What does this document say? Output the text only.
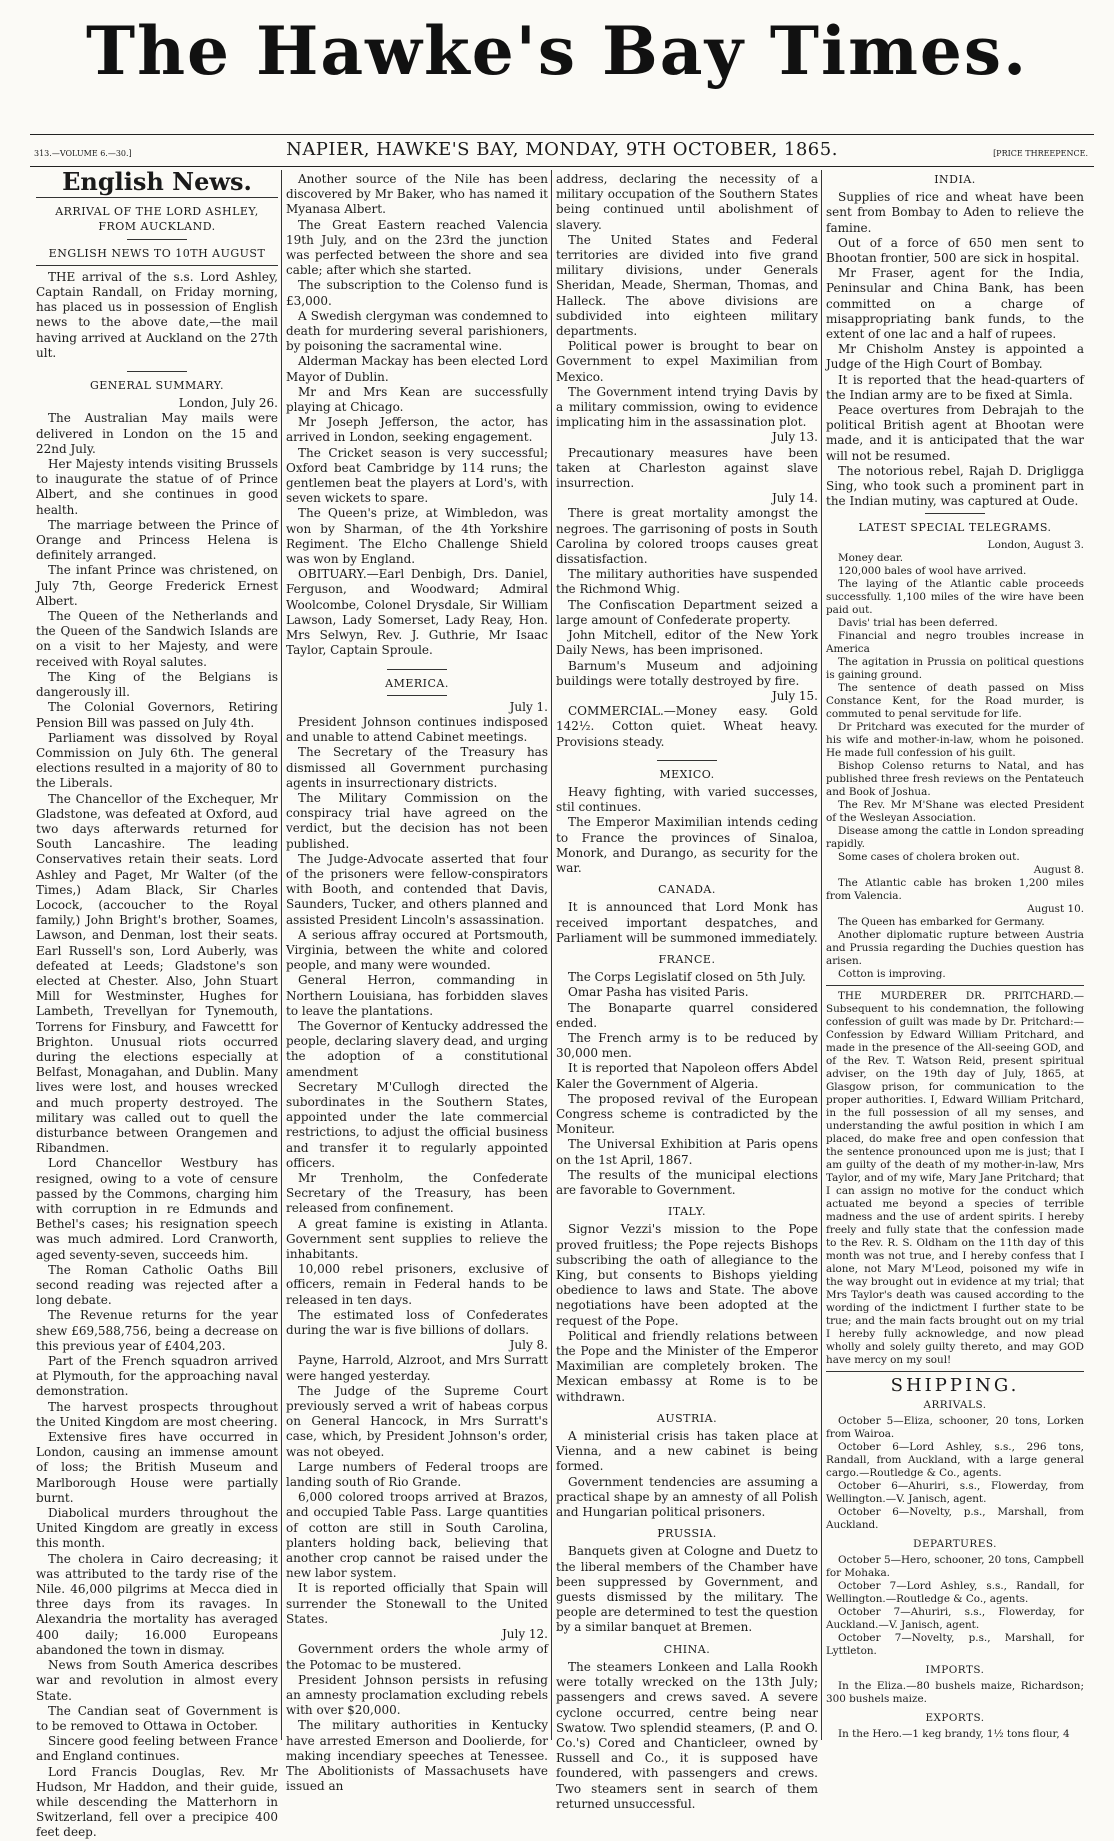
The Hawke's Bay Times.
313.—VOLUME 6.—30.]	NAPIER, HAWKE'S BAY, MONDAY, 9TH OCTOBER, 1865.	[PRICE THREEPENCE.
English News.

ARRIVAL OF THE LORD ASHLEY, FROM AUCKLAND.

ENGLISH NEWS TO 10TH AUGUST

THE arrival of the s.s. Lord Ashley, Captain Randall, on Friday morning, has placed us in possession of English news to the above date,—the mail having arrived at Auckland on the 27th ult.

GENERAL SUMMARY.

London, July 26.

The Australian May mails were delivered in London on the 15 and 22nd July.

Her Majesty intends visiting Brussels to inaugurate the statue of of Prince Albert, and she continues in good health.

The marriage between the Prince of Orange and Princess Helena is definitely arranged.

The infant Prince was christened, on July 7th, George Frederick Ernest Albert.

The Queen of the Netherlands and the Queen of the Sandwich Islands are on a visit to her Majesty, and were received with Royal salutes.

The King of the Belgians is dangerously ill.

The Colonial Governors, Retiring Pension Bill was passed on July 4th.

Parliament was dissolved by Royal Commission on July 6th. The general elections resulted in a majority of 80 to the Liberals.

The Chancellor of the Exchequer, Mr Gladstone, was defeated at Oxford, aud two days afterwards returned for South Lancashire. The leading Conservatives retain their seats. Lord Ashley and Paget, Mr Walter (of the Times,) Adam Black, Sir Charles Locock, (accoucher to the Royal family,) John Bright's brother, Soames, Lawson, and Denman, lost their seats. Earl Russell's son, Lord Auberly, was defeated at Leeds; Gladstone's son elected at Chester. Also, John Stuart Mill for Westminster, Hughes for Lambeth, Trevellyan for Tynemouth, Torrens for Finsbury, and Fawcettt for Brighton. Unusual riots occurred during the elections especially at Belfast, Monagahan, and Dublin. Many lives were lost, and houses wrecked and much property destroyed. The military was called out to quell the disturbance between Orangemen and Ribandmen.

Lord Chancellor Westbury has resigned, owing to a vote of censure passed by the Commons, charging him with corruption in re Edmunds and Bethel's cases; his resignation speech was much admired. Lord Cranworth, aged seventy-seven, succeeds him.

The Roman Catholic Oaths Bill second reading was rejected after a long debate.

The Revenue returns for the year shew £69,588,756, being a decrease on this previous year of £404,203.

Part of the French squadron arrived at Plymouth, for the approaching naval demonstration.

The harvest prospects throughout the United Kingdom are most cheering.

Extensive fires have occurred in London, causing an immense amount of loss; the British Museum and Marlborough House were partially burnt.

Diabolical murders throughout the United Kingdom are greatly in excess this month.

The cholera in Cairo decreasing; it was attributed to the tardy rise of the Nile. 46,000 pilgrims at Mecca died in three days from its ravages. In Alexandria the mortality has averaged 400 daily; 16.000 Europeans abandoned the town in dismay.

News from South America describes war and revolution in almost every State.

The Candian seat of Government is to be removed to Ottawa in October.

Sincere good feeling between France and England continues.

Lord Francis Douglas, Rev. Mr Hudson, Mr Haddon, and their guide, while descending the Matterhorn in Switzerland, fell over a precipice 400 feet deep.

Another source of the Nile has been discovered by Mr Baker, who has named it Myanasa Albert.

The Great Eastern reached Valencia 19th July, and on the 23rd the junction was perfected between the shore and sea cable; after which she started.

The subscription to the Colenso fund is £3,000.

A Swedish clergyman was condemned to death for murdering several parishioners, by poisoning the sacramental wine.

Alderman Mackay has been elected Lord Mayor of Dublin.

Mr and Mrs Kean are successfully playing at Chicago.

Mr Joseph Jefferson, the actor, has arrived in London, seeking engagement.

The Cricket season is very successful; Oxford beat Cambridge by 114 runs; the gentlemen beat the players at Lord's, with seven wickets to spare.

The Queen's prize, at Wimbledon, was won by Sharman, of the 4th Yorkshire Regiment. The Elcho Challenge Shield was won by England.

OBITUARY.—Earl Denbigh, Drs. Daniel, Ferguson, and Woodward; Admiral Woolcombe, Colonel Drysdale, Sir William Lawson, Lady Somerset, Lady Reay, Hon. Mrs Selwyn, Rev. J. Guthrie, Mr Isaac Taylor, Captain Sproule.

AMERICA.

July 1.

President Johnson continues indisposed and unable to attend Cabinet meetings.

The Secretary of the Treasury has dismissed all Government purchasing agents in insurrectionary districts.

The Military Commission on the conspiracy trial have agreed on the verdict, but the decision has not been published.

The Judge-Advocate asserted that four of the prisoners were fellow-conspirators with Booth, and contended that Davis, Saunders, Tucker, and others planned and assisted President Lincoln's assassination.

A serious affray occured at Portsmouth, Virginia, between the white and colored people, and many were wounded.

General Herron, commanding in Northern Louisiana, has forbidden slaves to leave the plantations.

The Governor of Kentucky addressed the people, declaring slavery dead, and urging the adoption of a constitutional amendment

Secretary M'Cullogh directed the subordinates in the Southern States, appointed under the late commercial restrictions, to adjust the official business and transfer it to regularly appointed officers.

Mr Trenholm, the Confederate Secretary of the Treasury, has been released from confinement.

A great famine is existing in Atlanta. Government sent supplies to relieve the inhabitants.

10,000 rebel prisoners, exclusive of officers, remain in Federal hands to be released in ten days.

The estimated loss of Confederates during the war is five billions of dollars.

July 8.

Payne, Harrold, Alzroot, and Mrs Surratt were hanged yesterday.

The Judge of the Supreme Court previously served a writ of habeas corpus on General Hancock, in Mrs Surratt's case, which, by President Johnson's order, was not obeyed.

Large numbers of Federal troops are landing south of Rio Grande.

6,000 colored troops arrived at Brazos, and occupied Table Pass. Large quantities of cotton are still in South Carolina, planters holding back, believing that another crop cannot be raised under the new labor system.

It is reported officially that Spain will surrender the Stonewall to the United States.

July 12.

Government orders the whole army of the Potomac to be mustered.

President Johnson persists in refusing an amnesty proclamation excluding rebels with over $20,000.

The military authorities in Kentucky have arrested Emerson and Doolierde, for making incendiary speeches at Tenessee. The Abolitionists of Massachusets have issued an

address, declaring the necessity of a military occupation of the Southern States being continued until abolishment of slavery.

The United States and Federal territories are divided into five grand military divisions, under Generals Sheridan, Meade, Sherman, Thomas, and Halleck. The above divisions are subdivided into eighteen military departments.

Political power is brought to bear on Government to expel Maximilian from Mexico.

The Government intend trying Davis by a military commission, owing to evidence implicating him in the assassination plot.

July 13.

Precautionary measures have been taken at Charleston against slave insurrection.

July 14.

There is great mortality amongst the negroes. The garrisoning of posts in South Carolina by colored troops causes great dissatisfaction.

The military authorities have suspended the Richmond Whig.

The Confiscation Department seized a large amount of Confederate property.

John Mitchell, editor of the New York Daily News, has been imprisoned.

Barnum's Museum and adjoining buildings were totally destroyed by fire.

July 15.

COMMERCIAL.—Money easy. Gold 142½. Cotton quiet. Wheat heavy. Provisions steady.

MEXICO.

Heavy fighting, with varied successes, stil continues.

The Emperor Maximilian intends ceding to France the provinces of Sinaloa, Monork, and Durango, as security for the war.

CANADA.

It is announced that Lord Monk has received important despatches, and Parliament will be summoned immediately.

FRANCE.

The Corps Legislatif closed on 5th July.

Omar Pasha has visited Paris.

The Bonaparte quarrel considered ended.

The French army is to be reduced by 30,000 men.

It is reported that Napoleon offers Abdel Kaler the Government of Algeria.

The proposed revival of the European Congress scheme is contradicted by the Moniteur.

The Universal Exhibition at Paris opens on the 1st April, 1867.

The results of the municipal elections are favorable to Government.

ITALY.

Signor Vezzi's mission to the Pope proved fruitless; the Pope rejects Bishops subscribing the oath of allegiance to the King, but consents to Bishops yielding obedience to laws and State. The above negotiations have been adopted at the request of the Pope.

Political and friendly relations between the Pope and the Minister of the Emperor Maximilian are completely broken. The Mexican embassy at Rome is to be withdrawn.

AUSTRIA.

A ministerial crisis has taken place at Vienna, and a new cabinet is being formed.

Government tendencies are assuming a practical shape by an amnesty of all Polish and Hungarian political prisoners.

PRUSSIA.

Banquets given at Cologne and Duetz to the liberal members of the Chamber have been suppressed by Government, and guests dismissed by the military. The people are determined to test the question by a similar banquet at Bremen.

CHINA.

The steamers Lonkeen and Lalla Rookh were totally wrecked on the 13th July; passengers and crews saved. A severe cyclone occurred, centre being near Swatow. Two splendid steamers, (P. and O. Co.'s) Cored and Chanticleer, owned by Russell and Co., it is supposed have foundered, with passengers and crews. Two steamers sent in search of them returned unsuccessful.

INDIA.

Supplies of rice and wheat have been sent from Bombay to Aden to relieve the famine.

Out of a force of 650 men sent to Bhootan frontier, 500 are sick in hospital.

Mr Fraser, agent for the India, Peninsular and China Bank, has been committed on a charge of misappropriating bank funds, to the extent of one lac and a half of rupees.

Mr Chisholm Anstey is appointed a Judge of the High Court of Bombay.

It is reported that the head-quarters of the Indian army are to be fixed at Simla.

Peace overtures from Debrajah to the political British agent at Bhootan were made, and it is anticipated that the war will not be resumed.

The notorious rebel, Rajah D. Drigligga Sing, who took such a prominent part in the Indian mutiny, was captured at Oude.

LATEST SPECIAL TELEGRAMS.

London, August 3.

Money dear.

120,000 bales of wool have arrived.

The laying of the Atlantic cable proceeds successfully. 1,100 miles of the wire have been paid out.

Davis' trial has been deferred.

Financial and negro troubles increase in America

The agitation in Prussia on political questions is gaining ground.

The sentence of death passed on Miss Constance Kent, for the Road murder, is commuted to penal servitude for life.

Dr Pritchard was executed for the murder of his wife and mother-in-law, whom he poisoned. He made full confession of his guilt.

Bishop Colenso returns to Natal, and has published three fresh reviews on the Pentateuch and Book of Joshua.

The Rev. Mr M'Shane was elected President of the Wesleyan Association.

Disease among the cattle in London spreading rapidly.

Some cases of cholera broken out.

August 8.

The Atlantic cable has broken 1,200 miles from Valencia.

August 10.

The Queen has embarked for Germany.

Another diplomatic rupture between Austria and Prussia regarding the Duchies question has arisen.

Cotton is improving.

THE MURDERER DR. PRITCHARD.—Subsequent to his condemnation, the following confession of guilt was made by Dr. Pritchard:—Confession by Edward William Pritchard, and made in the presence of the All-seeing GOD, and of the Rev. T. Watson Reid, present spiritual adviser, on the 19th day of July, 1865, at Glasgow prison, for communication to the proper authorities. I, Edward William Pritchard, in the full possession of all my senses, and understanding the awful position in which I am placed, do make free and open confession that the sentence pronounced upon me is just; that I am guilty of the death of my mother-in-law, Mrs Taylor, and of my wife, Mary Jane Pritchard; that I can assign no motive for the conduct which actuated me beyond a species of terrible madness and the use of ardent spirits. I hereby freely and fully state that the confession made to the Rev. R. S. Oldham on the 11th day of this month was not true, and I hereby confess that I alone, not Mary M'Leod, poisoned my wife in the way brought out in evidence at my trial; that Mrs Taylor's death was caused according to the wording of the indictment I further state to be true; and the main facts brought out on my trial I hereby fully acknowledge, and now plead wholly and solely guilty thereto, and may GOD have mercy on my soul!

SHIPPING.

ARRIVALS.

October 5—Eliza, schooner, 20 tons, Lorken from Wairoa.

October 6—Lord Ashley, s.s., 296 tons, Randall, from Auckland, with a large general cargo.—Routledge & Co., agents.

October 6—Ahuriri, s.s., Flowerday, from Wellington.—V. Janisch, agent.

October 6—Novelty, p.s., Marshall, from Auckland.

DEPARTURES.

October 5—Hero, schooner, 20 tons, Campbell for Mohaka.

October 7—Lord Ashley, s.s., Randall, for Wellington.—Routledge & Co., agents.

October 7—Ahuriri, s.s., Flowerday, for Auckland.—V. Janisch, agent.

October 7—Novelty, p.s., Marshall, for Lyttleton.

IMPORTS.

In the Eliza.—80 bushels maize, Richardson; 300 bushels maize.

EXPORTS.

In the Hero.—1 keg brandy, 1½ tons flour, 4
